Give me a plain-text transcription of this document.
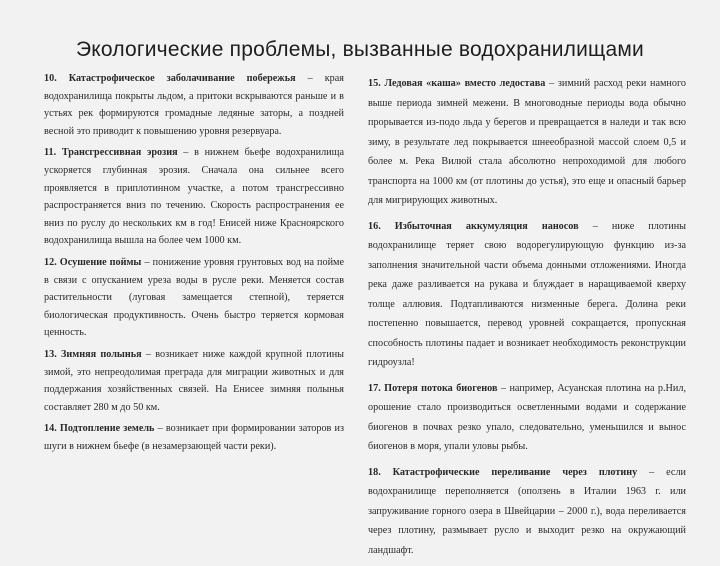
Экологические проблемы, вызванные водохранилищами

10. Катастрофическое заболачивание побережья – края водохранилища покрыты льдом, а притоки вскрываются раньше и в устьях рек формируются громадные ледяные заторы, а поздней весной это приводит к повышению уровня резервуара.

11. Трансгрессивная эрозия – в нижнем бьефе водохранилища ускоряется глубинная эрозия. Сначала она сильнее всего проявляется в приплотинном участке, а потом трансгрессивно распространяется вниз по течению. Скорость распространения ее вниз по руслу до нескольких км в год! Енисей ниже Красноярского водохранилища вышла на более чем 1000 км.

12. Осушение поймы – понижение уровня грунтовых вод на пойме в связи с опусканием уреза воды в русле реки. Меняется состав растительности (луговая замещается степной), теряется биологическая продуктивность. Очень быстро теряется кормовая ценность.

13. Зимняя полынья – возникает ниже каждой крупной плотины зимой, это непреодолимая преграда для миграции животных и для поддержания хозяйственных связей. На Енисее зимняя полынья составляет 280 м до 50 км.

14. Подтопление земель – возникает при формировании заторов из шуги в нижнем бьефе (в незамерзающей части реки).

15. Ледовая «каша» вместо ледостава – зимний расход реки намного выше периода зимней межени. В многоводные периоды вода обычно прорывается из-подо льда у берегов и превращается в наледи и так всю зиму, в результате лед покрывается шнееобразной массой слоем 0,5 и более м. Река Вилюй стала абсолютно непроходимой для любого транспорта на 1000 км (от плотины до устья), это еще и опасный барьер для мигрирующих животных.

16. Избыточная аккумуляция наносов – ниже плотины водохранилище теряет свою водорегулирующую функцию из-за заполнения значительной части объема донными отложениями. Иногда река даже разливается на рукава и блуждает в наращиваемой кверху толще аллювия. Подтапливаются низменные берега. Долина реки постепенно повышается, перевод уровней сокращается, пропускная способность плотины падает и возникает необходимость реконструкции гидроузла!

17. Потеря потока биогенов – например, Асуанская плотина на р.Нил, орошение стало производиться осветленными водами и содержание биогенов в почвах резко упало, следовательно, уменьшился и вынос биогенов в моря, упали уловы рыбы.

18. Катастрофические переливание через плотину – если водохранилище переполняется (оползень в Италии 1963 г. или запруживание горного озера в Швейцарии – 2000 г.), вода переливается через плотину, размывает русло и выходит резко на окружающий ландшафт.
